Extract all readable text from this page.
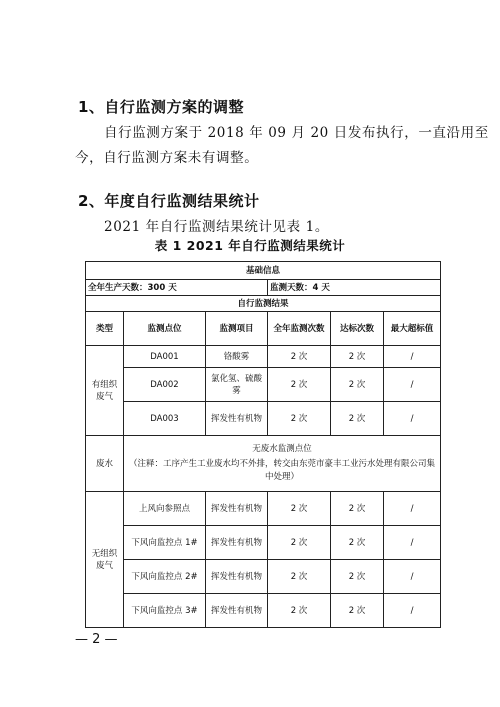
1、自行监测方案的调整
自行监测方案于 2018 年 09 月 20 日发布执行，一直沿用至
今，自行监测方案未有调整。
2、年度自行监测结果统计
2021 年自行监测结果统计见表 1。
表 1 2021 年自行监测结果统计
基础信息					
全年生产天数：300 天			监测天数：4 天		
自行监测结果					
类型	监测点位	监测项目	全年监测次数	达标次数	最大超标值
有组织废气	DA001	铬酸雾	2 次	2 次	/
	DA002	氯化氢、硫酸雾	2 次	2 次	/
	DA003	挥发性有机物	2 次	2 次	/
废水	无废水监测点位
（注释：工序产生工业废水均不外排，转交由东莞市豪丰工业污水处理有限公司集中处理）				

无组织废气	上风向参照点	挥发性有机物	2 次	2 次	/
	下风向监控点 1#	挥发性有机物	2 次	2 次	/
	下风向监控点 2#	挥发性有机物	2 次	2 次	/
	下风向监控点 3#	挥发性有机物	2 次	2 次	/
— 2 —
